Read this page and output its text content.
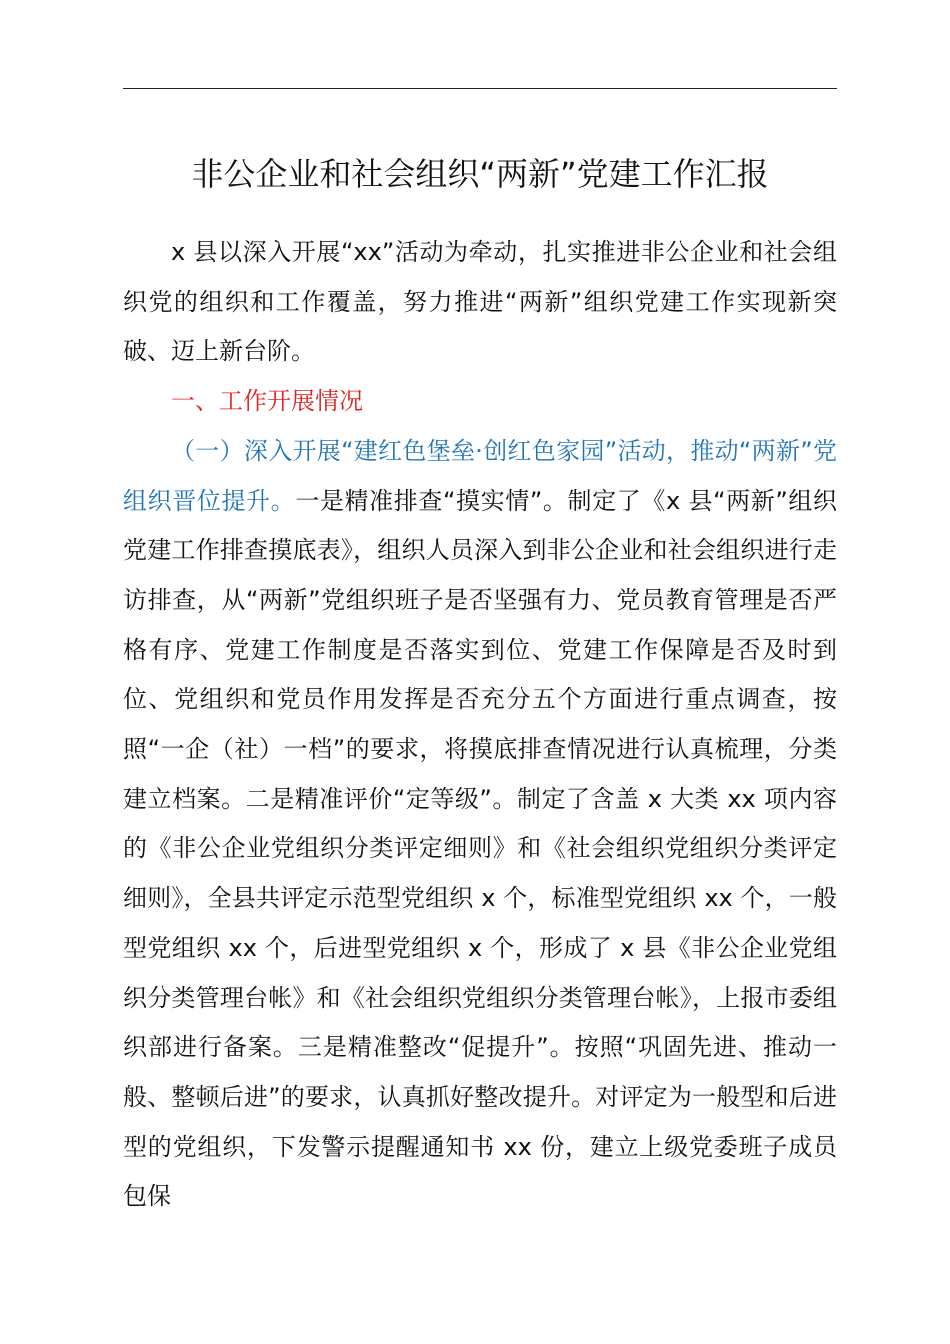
非公企业和社会组织“两新”党建工作汇报

x 县以深入开展“xx”活动为牵动，扎实推进非公企业和社会组织党的组织和工作覆盖，努力推进“两新”组织党建工作实现新突破、迈上新台阶。

一、工作开展情况

（一）深入开展“建红色堡垒·创红色家园”活动，推动“两新”党组织晋位提升。一是精准排查“摸实情”。制定了《x 县“两新”组织党建工作排查摸底表》，组织人员深入到非公企业和社会组织进行走访排查，从“两新”党组织班子是否坚强有力、党员教育管理是否严格有序、党建工作制度是否落实到位、党建工作保障是否及时到位、党组织和党员作用发挥是否充分五个方面进行重点调查，按照“一企（社）一档”的要求，将摸底排查情况进行认真梳理，分类建立档案。二是精准评价“定等级”。制定了含盖 x 大类 xx 项内容的《非公企业党组织分类评定细则》和《社会组织党组织分类评定细则》，全县共评定示范型党组织 x 个，标准型党组织 xx 个，一般型党组织 xx 个，后进型党组织 x 个，形成了 x 县《非公企业党组织分类管理台帐》和《社会组织党组织分类管理台帐》，上报市委组织部进行备案。三是精准整改“促提升”。按照“巩固先进、推动一般、整顿后进”的要求，认真抓好整改提升。对评定为一般型和后进型的党组织，下发警示提醒通知书 xx 份，建立上级党委班子成员包保
